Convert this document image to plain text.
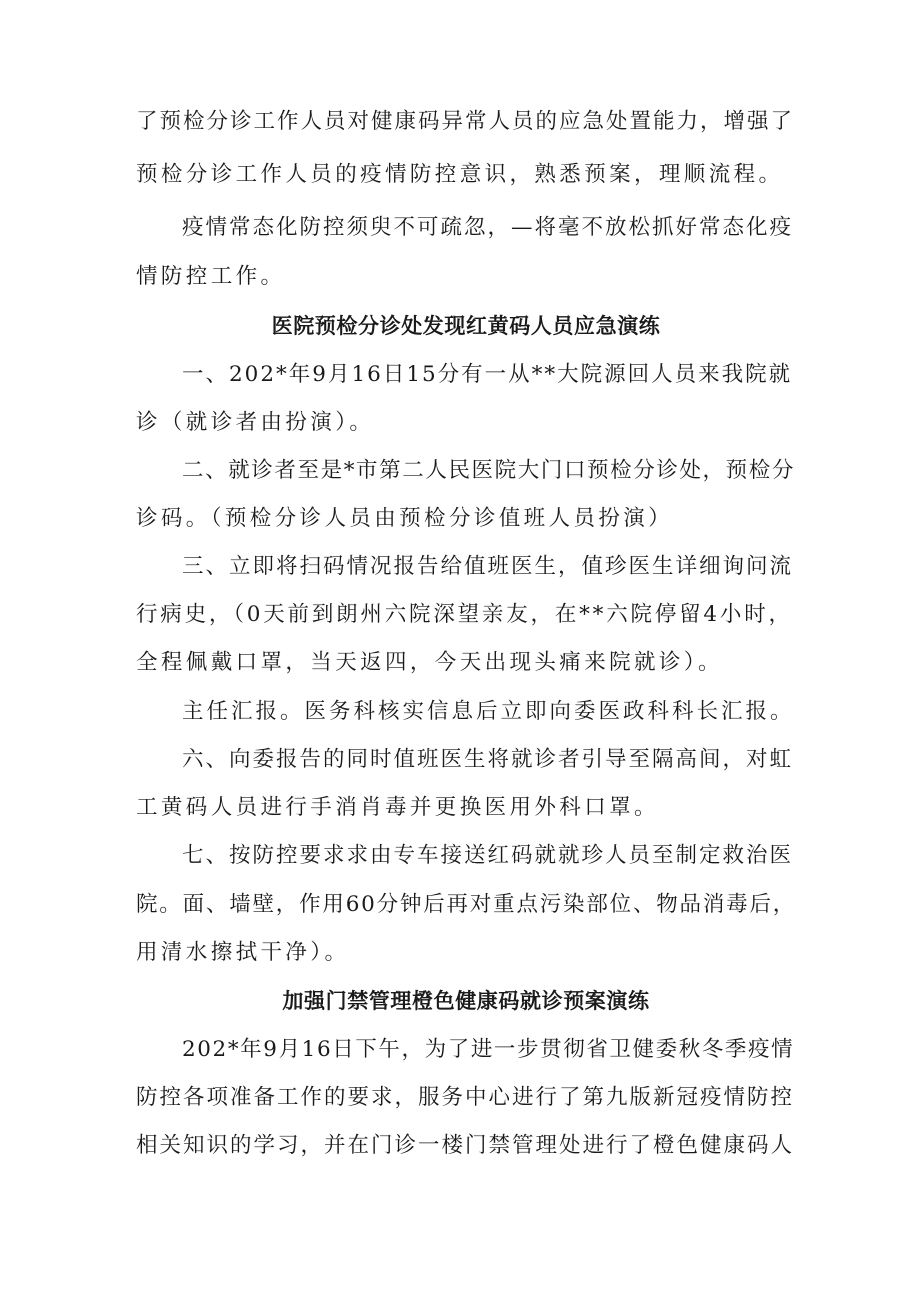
了预检分诊工作人员对健康码异常人员的应急处置能力，增强了

预检分诊工作人员的疫情防控意识，熟悉预案，理顺流程。

疫情常态化防控须臾不可疏忽，—将毫不放松抓好常态化疫

情防控工作。

医院预检分诊处发现红黄码人员应急演练

一、202*年9月16日15分有一从**大院源回人员来我院就

诊（就诊者由扮演）。

二、就诊者至是*市第二人民医院大门口预检分诊处，预检分

诊码。（预检分诊人员由预检分诊值班人员扮演）

三、立即将扫码情况报告给值班医生，值珍医生详细询问流

行病史，（0天前到朗州六院深望亲友，在**六院停留4小时，

全程佩戴口罩，当天返四，今天出现头痛来院就诊）。

主任汇报。医务科核实信息后立即向委医政科科长汇报。

六、向委报告的同时值班医生将就诊者引导至隔高间，对虹

工黄码人员进行手消肖毒并更换医用外科口罩。

七、按防控要求求由专车接送红码就就珍人员至制定救治医

院。面、墙壁，作用60分钟后再对重点污染部位、物品消毒后，

用清水擦拭干净）。

加强门禁管理橙色健康码就诊预案演练

202*年9月16日下午，为了进一步贯彻省卫健委秋冬季疫情

防控各项准备工作的要求，服务中心进行了第九版新冠疫情防控

相关知识的学习，并在门诊一楼门禁管理处进行了橙色健康码人
